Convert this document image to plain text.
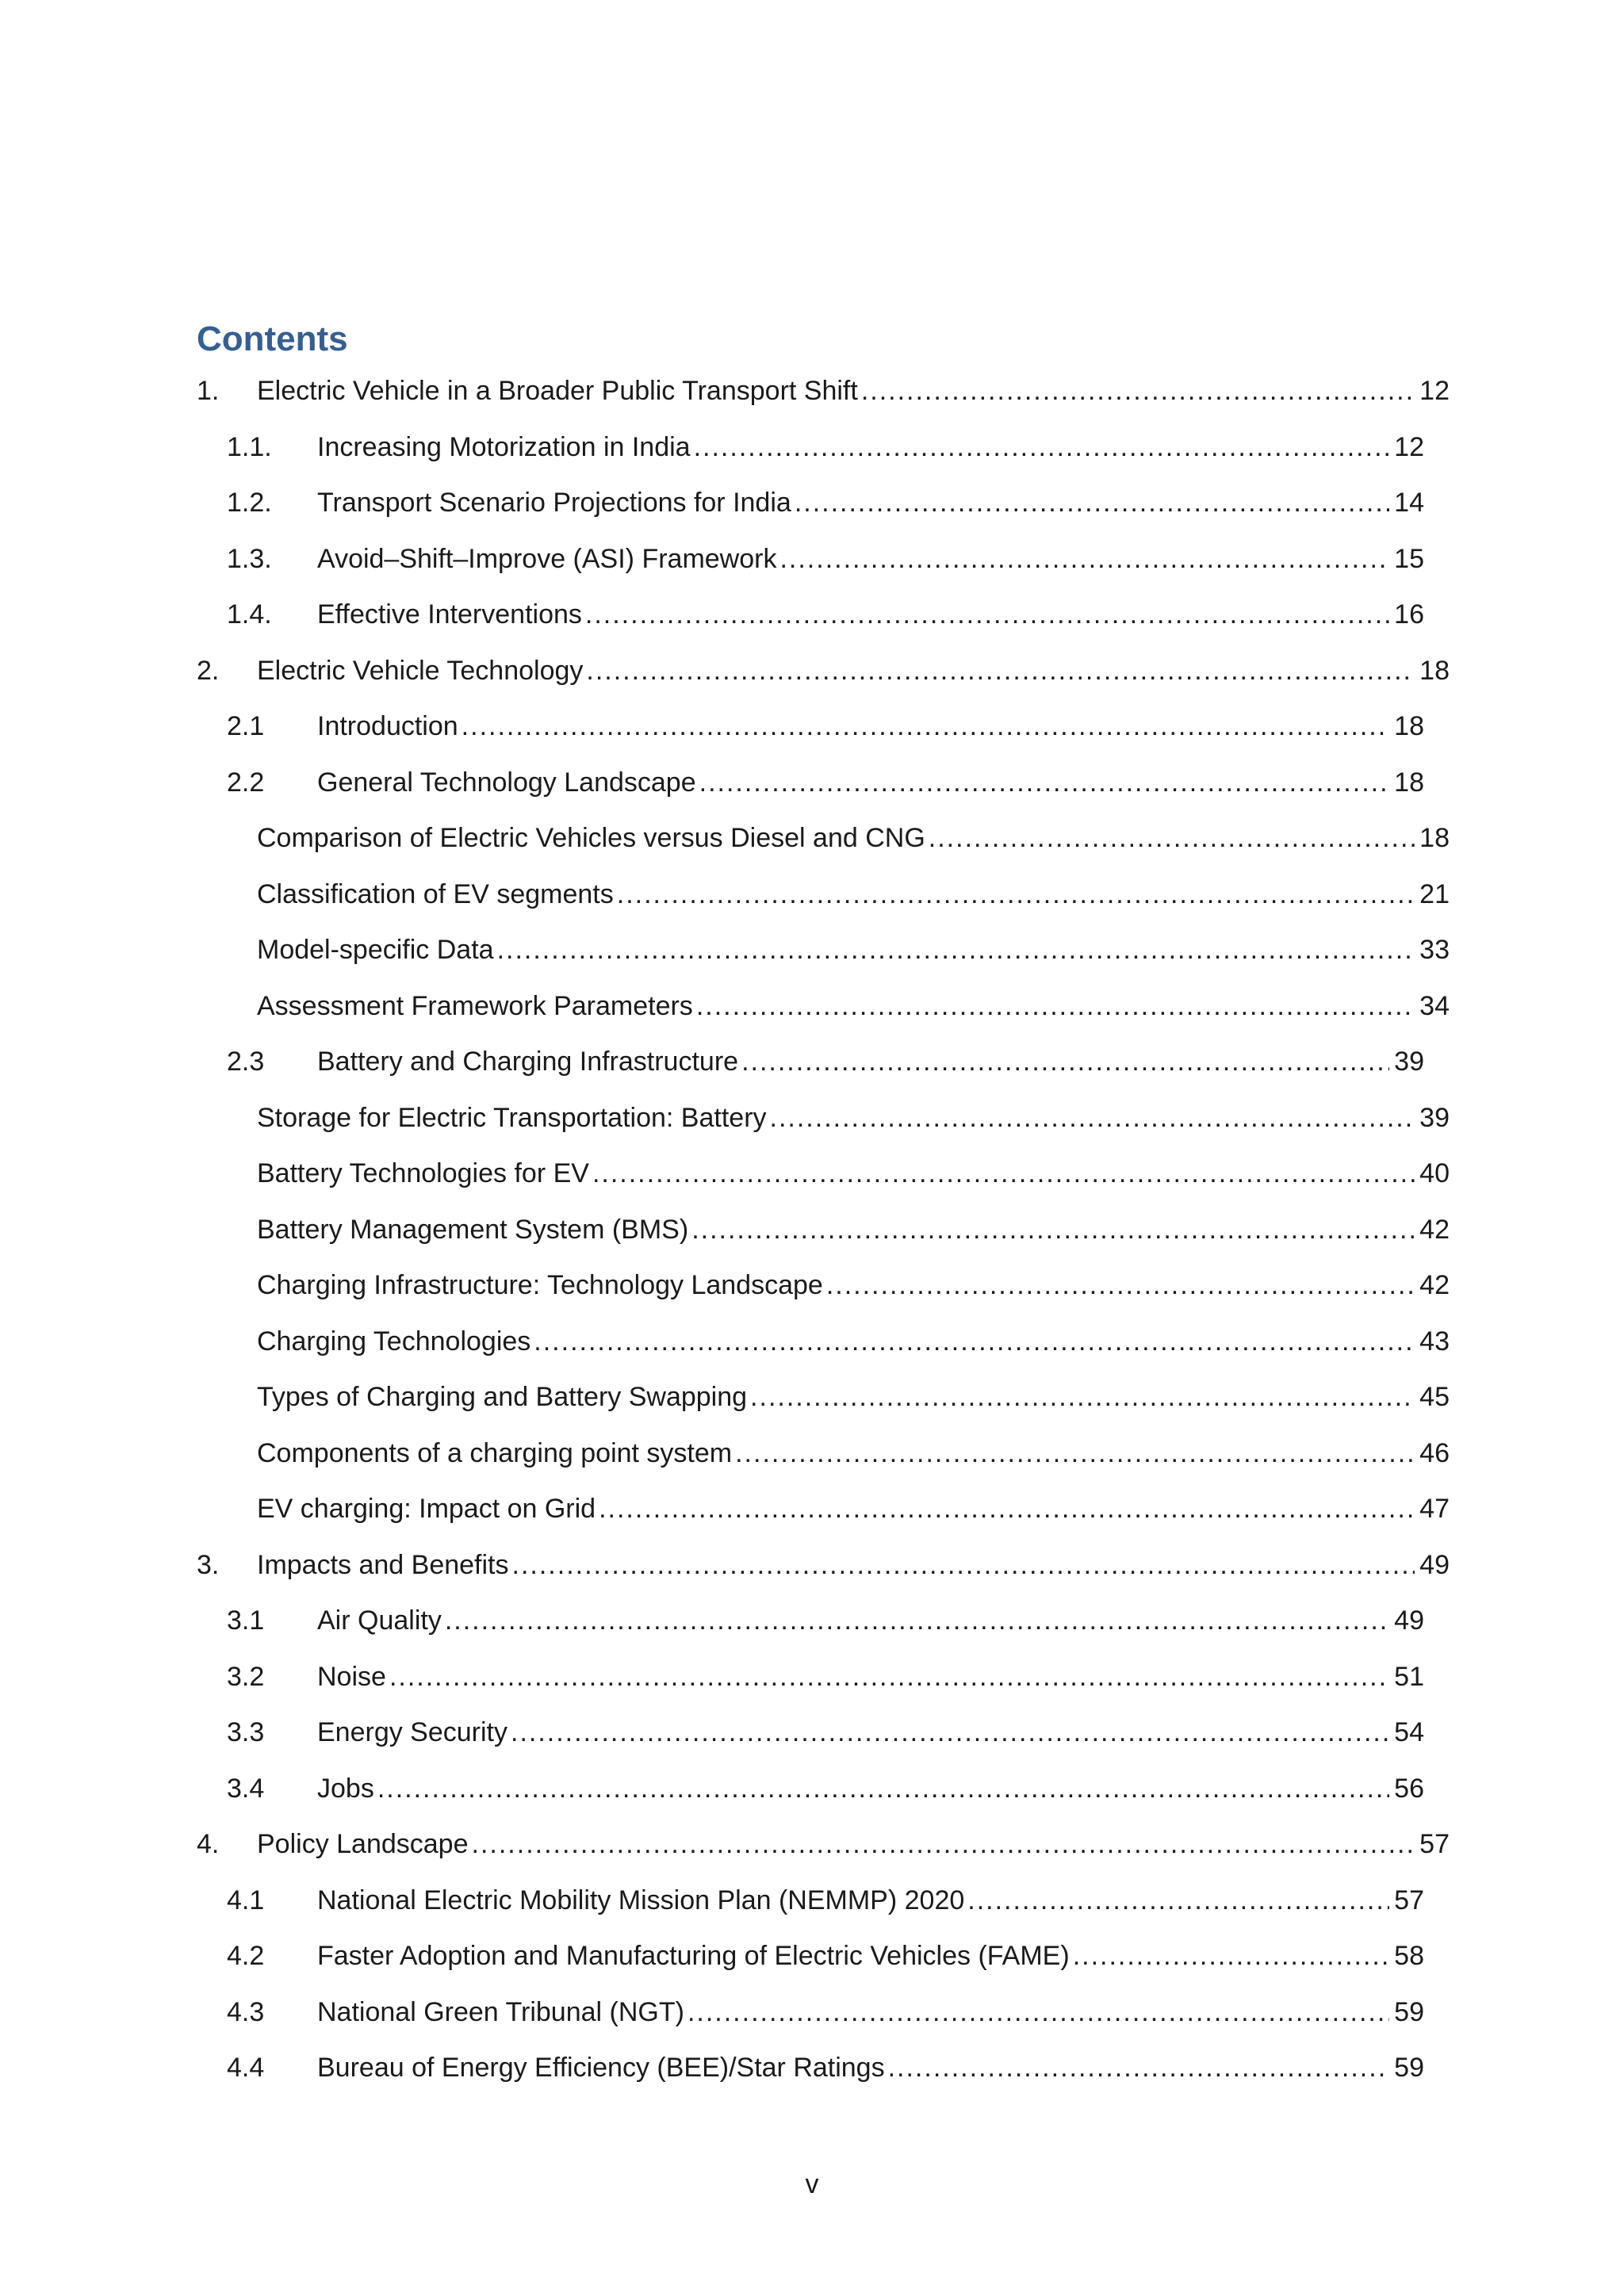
Contents
1. Electric Vehicle in a Broader Public Transport Shift .....	12
1.1. Increasing Motorization in India .....	12
1.2. Transport Scenario Projections for India .....	14
1.3. Avoid–Shift–Improve (ASI) Framework .....	15
1.4. Effective Interventions .....	16
2. Electric Vehicle Technology .....	18
2.1 Introduction .....	18
2.2 General Technology Landscape .....	18
Comparison of Electric Vehicles versus Diesel and CNG .....	18
Classification of EV segments .....	21
Model-specific Data .....	33
Assessment Framework Parameters .....	34
2.3 Battery and Charging Infrastructure .....	39
Storage for Electric Transportation: Battery .....	39
Battery Technologies for EV .....	40
Battery Management System (BMS) .....	42
Charging Infrastructure: Technology Landscape .....	42
Charging Technologies .....	43
Types of Charging and Battery Swapping .....	45
Components of a charging point system .....	46
EV charging: Impact on Grid .....	47
3. Impacts and Benefits .....	49
3.1 Air Quality .....	49
3.2 Noise .....	51
3.3 Energy Security .....	54
3.4 Jobs .....	56
4. Policy Landscape .....	57
4.1 National Electric Mobility Mission Plan (NEMMP) 2020 .....	57
4.2 Faster Adoption and Manufacturing of Electric Vehicles (FAME) .....	58
4.3 National Green Tribunal (NGT) .....	59
4.4 Bureau of Energy Efficiency (BEE)/Star Ratings .....	59
v
